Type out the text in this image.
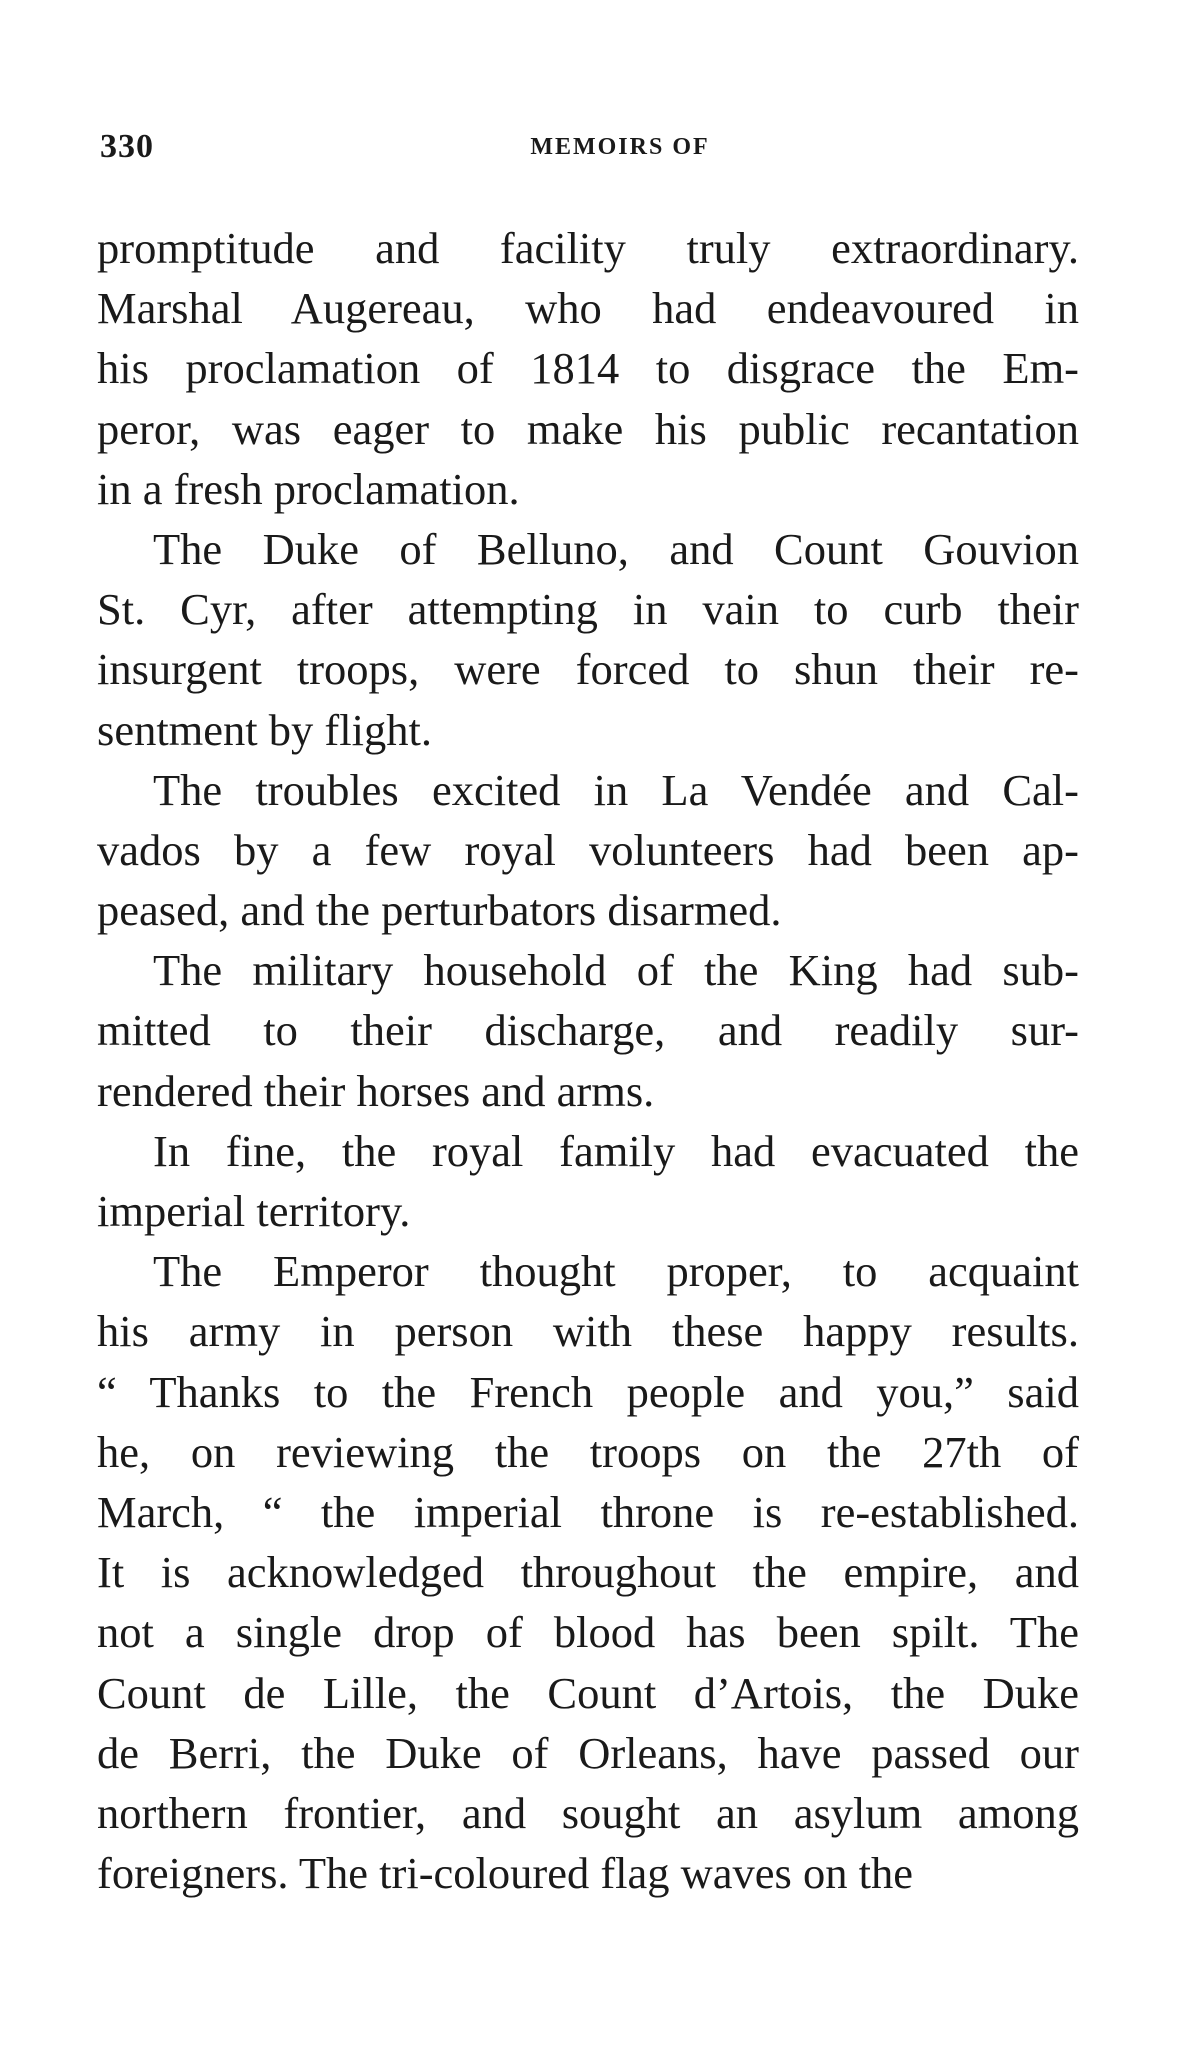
330	MEMOIRS OF

promptitude and facility truly extraordinary.
Marshal Augereau, who had endeavoured in
his proclamation of 1814 to disgrace the Em-
peror, was eager to make his public recantation
in a fresh proclamation.

The Duke of Belluno, and Count Gouvion
St. Cyr, after attempting in vain to curb their
insurgent troops, were forced to shun their re-
sentment by flight.

The troubles excited in La Vendée and Cal-
vados by a few royal volunteers had been ap-
peased, and the perturbators disarmed.

The military household of the King had sub-
mitted to their discharge, and readily sur-
rendered their horses and arms.

In fine, the royal family had evacuated the
imperial territory.

The Emperor thought proper, to acquaint
his army in person with these happy results.
“ Thanks to the French people and you,” said
he, on reviewing the troops on the 27th of
March, “ the imperial throne is re-established.
It is acknowledged throughout the empire, and
not a single drop of blood has been spilt. The
Count de Lille, the Count d’Artois, the Duke
de Berri, the Duke of Orleans, have passed our
northern frontier, and sought an asylum among
foreigners. The tri-coloured flag waves on the
